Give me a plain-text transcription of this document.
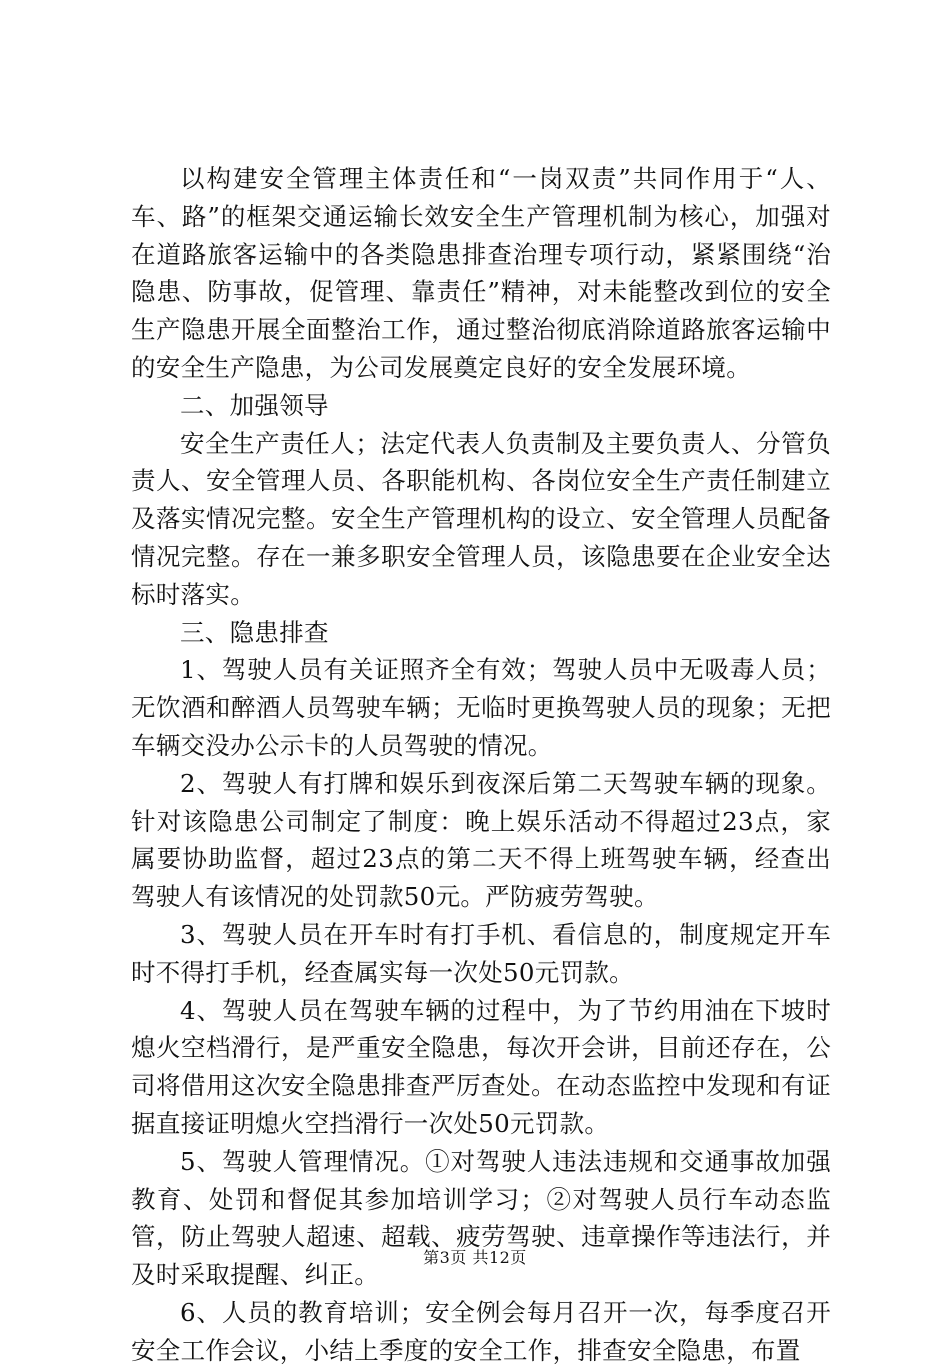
以构建安全管理主体责任和“一岗双责”共同作用于“人、车、路”的框架交通运输长效安全生产管理机制为核心，加强对在道路旅客运输中的各类隐患排查治理专项行动，紧紧围绕“治隐患、防事故，促管理、靠责任”精神，对未能整改到位的安全生产隐患开展全面整治工作，通过整治彻底消除道路旅客运输中的安全生产隐患，为公司发展奠定良好的安全发展环境。

二、加强领导

安全生产责任人；法定代表人负责制及主要负责人、分管负责人、安全管理人员、各职能机构、各岗位安全生产责任制建立及落实情况完整。安全生产管理机构的设立、安全管理人员配备情况完整。存在一兼多职安全管理人员，该隐患要在企业安全达标时落实。

三、隐患排查

1、驾驶人员有关证照齐全有效；驾驶人员中无吸毒人员；无饮酒和醉酒人员驾驶车辆；无临时更换驾驶人员的现象；无把车辆交没办公示卡的人员驾驶的情况。

2、驾驶人有打牌和娱乐到夜深后第二天驾驶车辆的现象。针对该隐患公司制定了制度：晚上娱乐活动不得超过23点，家属要协助监督，超过23点的第二天不得上班驾驶车辆，经查出驾驶人有该情况的处罚款50元。严防疲劳驾驶。

3、驾驶人员在开车时有打手机、看信息的，制度规定开车时不得打手机，经查属实每一次处50元罚款。

4、驾驶人员在驾驶车辆的过程中，为了节约用油在下坡时熄火空档滑行，是严重安全隐患，每次开会讲，目前还存在，公司将借用这次安全隐患排查严厉查处。在动态监控中发现和有证据直接证明熄火空挡滑行一次处50元罚款。

5、驾驶人管理情况。①对驾驶人违法违规和交通事故加强教育、处罚和督促其参加培训学习；②对驾驶人员行车动态监管，防止驾驶人超速、超载、疲劳驾驶、违章操作等违法行，并及时采取提醒、纠正。

6、人员的教育培训；安全例会每月召开一次，每季度召开安全工作会议，小结上季度的安全工作，排查安全隐患，布置

第3页 共12页
